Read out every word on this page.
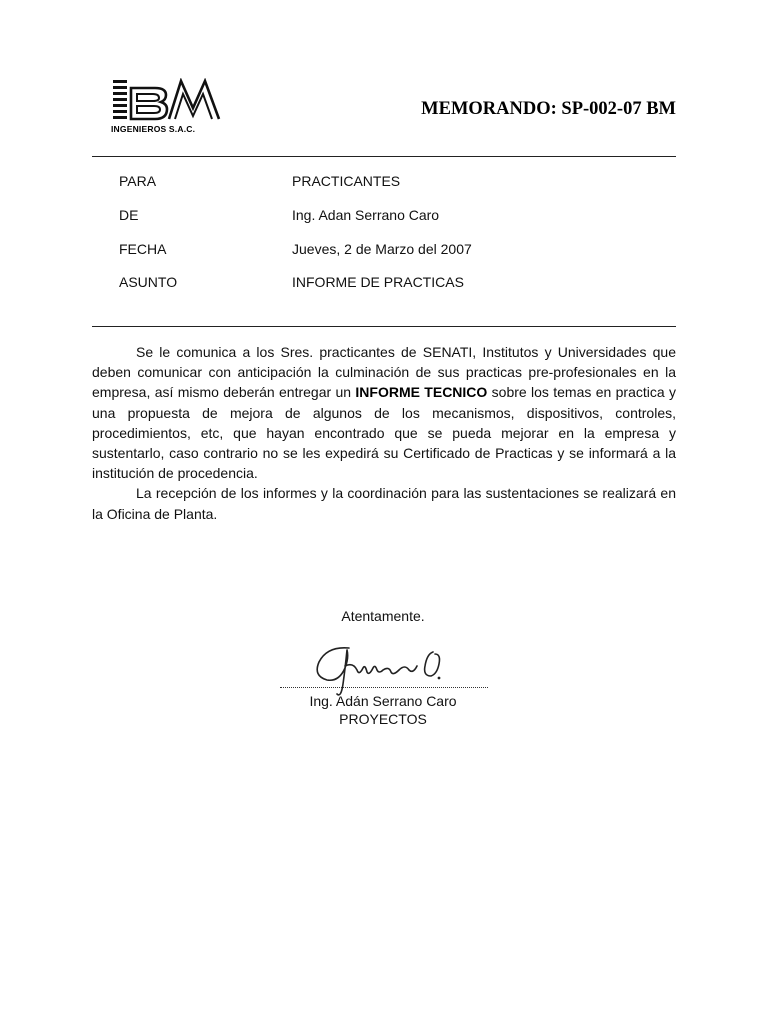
INGENIEROS S.A.C.
MEMORANDO: SP-002-07 BM
PARA	PRACTICANTES
DE	Ing. Adan Serrano Caro
FECHA	Jueves, 2 de Marzo del 2007
ASUNTO	INFORME DE PRACTICAS

Se le comunica a los Sres. practicantes de SENATI, Institutos y Universidades que deben comunicar con anticipación la culminación de sus practicas pre-profesionales en la empresa, así mismo deberán entregar un INFORME TECNICO sobre los temas en practica y una propuesta de mejora de algunos de los mecanismos, dispositivos, controles, procedimientos, etc, que hayan encontrado que se pueda mejorar en la empresa y sustentarlo, caso contrario no se les expedirá su Certificado de Practicas y se informará a la institución de procedencia.

La recepción de los informes y la coordinación para las sustentaciones se realizará en la Oficina de Planta.

Atentamente.
Ing. Adán Serrano Caro
PROYECTOS
